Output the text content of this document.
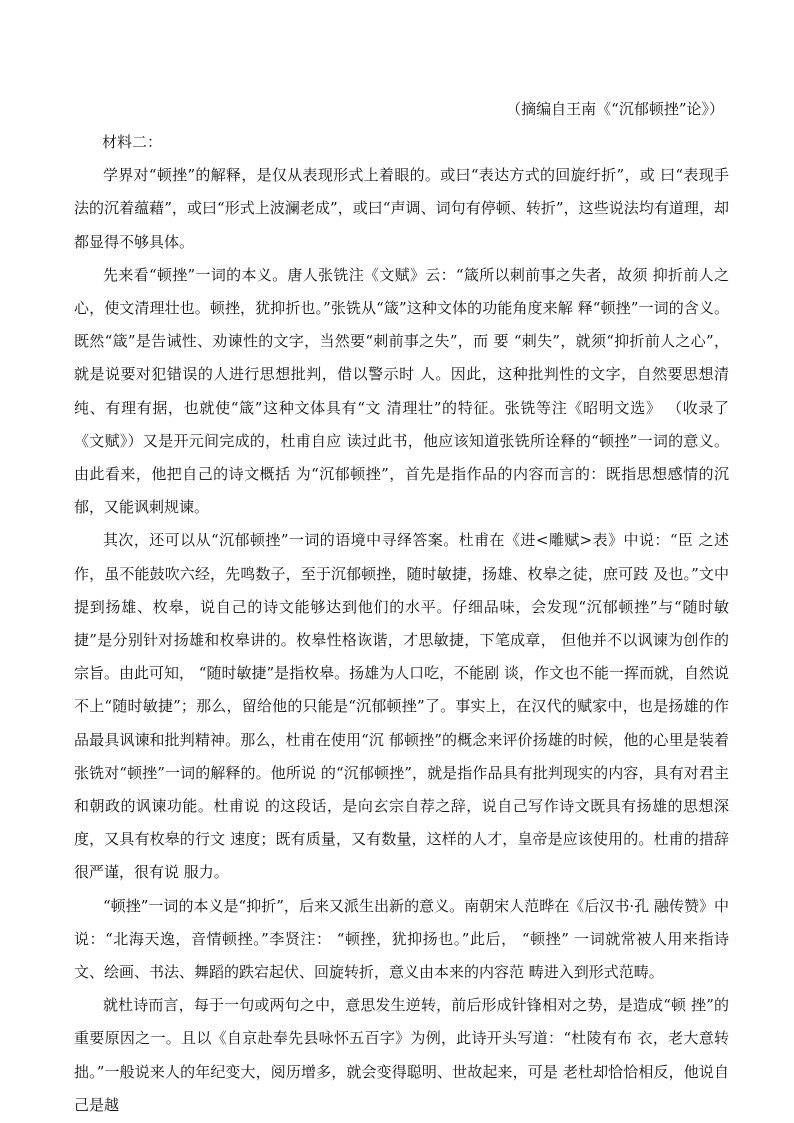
（摘编自王南《“沉郁顿挫”论》）
材料二：

学界对“顿挫”的解释，是仅从表现形式上着眼的。或曰“表达方式的回旋纡折”，或 曰“表现手法的沉着蕴藉”，或曰“形式上波澜老成”，或曰“声调、词句有停顿、转折”，这些说法均有道理，却都显得不够具体。

先来看“顿挫”一词的本义。唐人张铣注《文赋》云：“箴所以刺前事之失者，故须 抑折前人之心，使文清理壮也。顿挫，犹抑折也。”张铣从“箴”这种文体的功能角度来解 释“顿挫”一词的含义。既然“箴”是告诫性、劝谏性的文字，当然要“刺前事之失”，而 要 “刺失”，就须“抑折前人之心”，就是说要对犯错误的人进行思想批判，借以警示时 人。因此，这种批判性的文字，自然要思想清纯、有理有据，也就使“箴”这种文体具有“文 清理壮”的特征。张铣等注《昭明文选》 （收录了《文赋》）又是开元间完成的，杜甫自应 读过此书，他应该知道张铣所诠释的“顿挫”一词的意义。由此看来，他把自己的诗文概括 为“沉郁顿挫”，首先是指作品的内容而言的：既指思想感情的沉郁，又能讽刺规谏。

其次，还可以从“沉郁顿挫”一词的语境中寻绎答案。杜甫在《进<雕赋>表》中说：“臣 之述作，虽不能鼓吹六经，先鸣数子，至于沉郁顿挫，随时敏捷，扬雄、枚皋之徒，庶可跂 及也。”文中提到扬雄、枚皋，说自己的诗文能够达到他们的水平。仔细品味，会发现“沉郁顿挫”与“随时敏捷”是分别针对扬雄和枚皋讲的。枚皋性格诙谐，才思敏捷，下笔成章， 但他并不以讽谏为创作的宗旨。由此可知， “随时敏捷”是指枚皋。扬雄为人口吃，不能剧 谈，作文也不能一挥而就，自然说不上“随时敏捷”；那么，留给他的只能是“沉郁顿挫”了。事实上，在汉代的赋家中，也是扬雄的作品最具讽谏和批判精神。那么，杜甫在使用“沉 郁顿挫”的概念来评价扬雄的时候，他的心里是装着张铣对“顿挫”一词的解释的。他所说 的“沉郁顿挫”，就是指作品具有批判现实的内容，具有对君主和朝政的讽谏功能。杜甫说 的这段话，是向玄宗自荐之辞，说自己写作诗文既具有扬雄的思想深度，又具有枚皋的行文 速度；既有质量，又有数量，这样的人才，皇帝是应该使用的。杜甫的措辞很严谨，很有说 服力。

“顿挫”一词的本义是“抑折”，后来又派生出新的意义。南朝宋人范晔在《后汉书·孔 融传赞》中说：“北海天逸，音情顿挫。”李贤注： “顿挫，犹抑扬也。”此后， “顿挫” 一词就常被人用来指诗文、绘画、书法、舞蹈的跌宕起伏、回旋转折，意义由本来的内容范 畴进入到形式范畴。

就杜诗而言，每于一句或两句之中，意思发生逆转，前后形成针锋相对之势，是造成“顿 挫”的重要原因之一。且以《自京赴奉先县咏怀五百字》为例，此诗开头写道：“杜陵有布 衣，老大意转拙。”一般说来人的年纪变大，阅历增多，就会变得聪明、世故起来，可是 老杜却恰恰相反，他说自己是越
